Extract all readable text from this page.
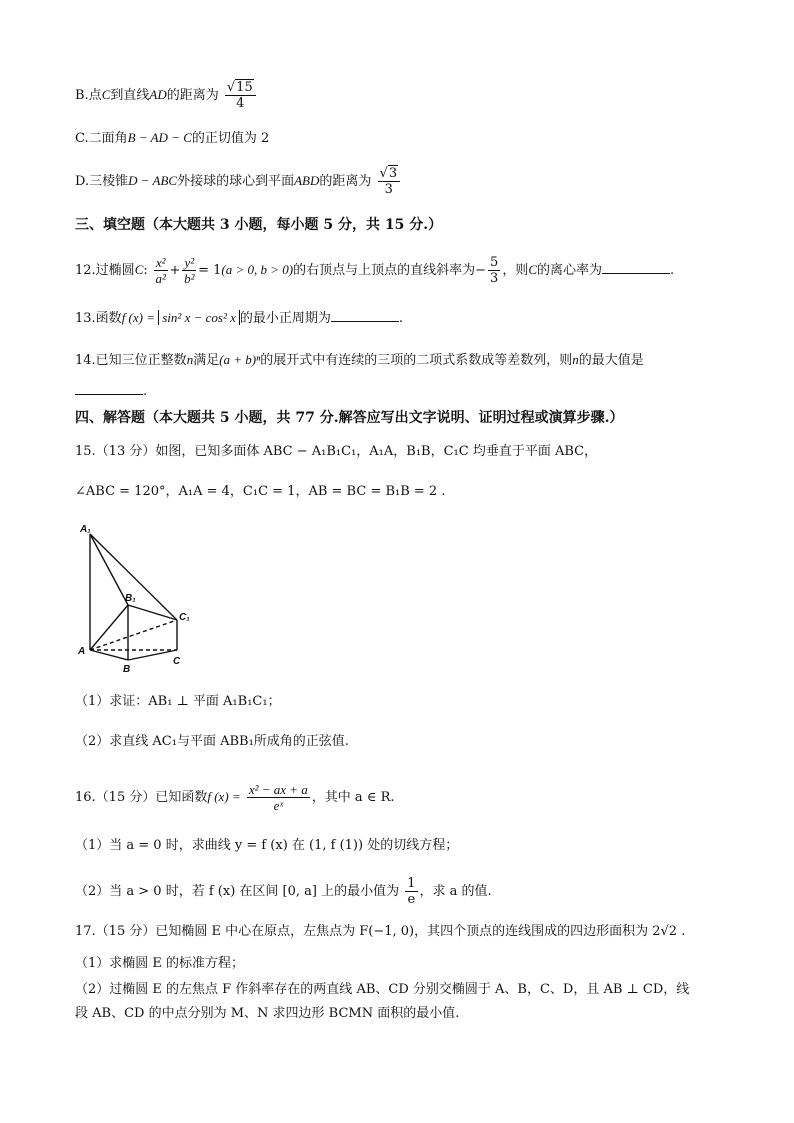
B.点C到直线AD的距离为 $\frac{√15}{4}$
C.二面角B − AD − C的正切值为 2
D.三棱锥D − ABC外接球的球心到平面ABD的距离为 $\frac{√3}{3}$
三、填空题（本大题共 3 小题，每小题 5 分，共 15 分.）
12.过椭圆C: $\frac{\text{x²}}{\text{a²}} + \frac{\text{y²}}{\text{b²}} = 1(a > 0$, b > 0)的右顶点与上顶点的直线斜率为− $\frac{5}{3}$ ，则C的离心率为	.
13.函数f (x) = sin² x − cos² x 的最小正周期为	.
14.已知三位正整数n满足(a + b)ⁿ的展开式中有连续的三项的二项式系数成等差数列，则n的最大值是
.
四、解答题（本大题共 5 小题，共 77 分.解答应写出文字说明、证明过程或演算步骤.）
15.（13 分）如图，已知多面体 ABC − A₁B₁C₁，A₁A，B₁B，C₁C 均垂直于平面 ABC，
∠ABC = 120°，A₁A = 4，C₁C = 1，AB = BC = B₁B = 2 .
A₁
B₁
C₁
A
B
C
（1）求证：AB₁ ⊥ 平面 A₁B₁C₁；
（2）求直线 AC₁与平面 ABB₁所成角的正弦值.
16.（15 分）已知函数f $(x) = \frac{\text{x² − ax + a}}{\text{eˣ}}$ ，其中 a ∈ R.
（1）当 a = 0 时，求曲线 y = f (x) 在 (1, f (1)) 处的切线方程；
（2）当 a > 0 时，若 f (x) 在区间 [0, a] 上的最小值为 $\frac{1}{e}$ ，求 a 的值.
17.（15 分）已知椭圆 E 中心在原点，左焦点为 F(−1, 0)，其四个顶点的连线围成的四边形面积为 2√2 .
（1）求椭圆 E 的标准方程；
（2）过椭圆 E 的左焦点 F 作斜率存在的两直线 AB、CD 分别交椭圆于 A、B，C、D，且 AB ⊥ CD，线
段 AB、CD 的中点分别为 M、N 求四边形 BCMN 面积的最小值.
